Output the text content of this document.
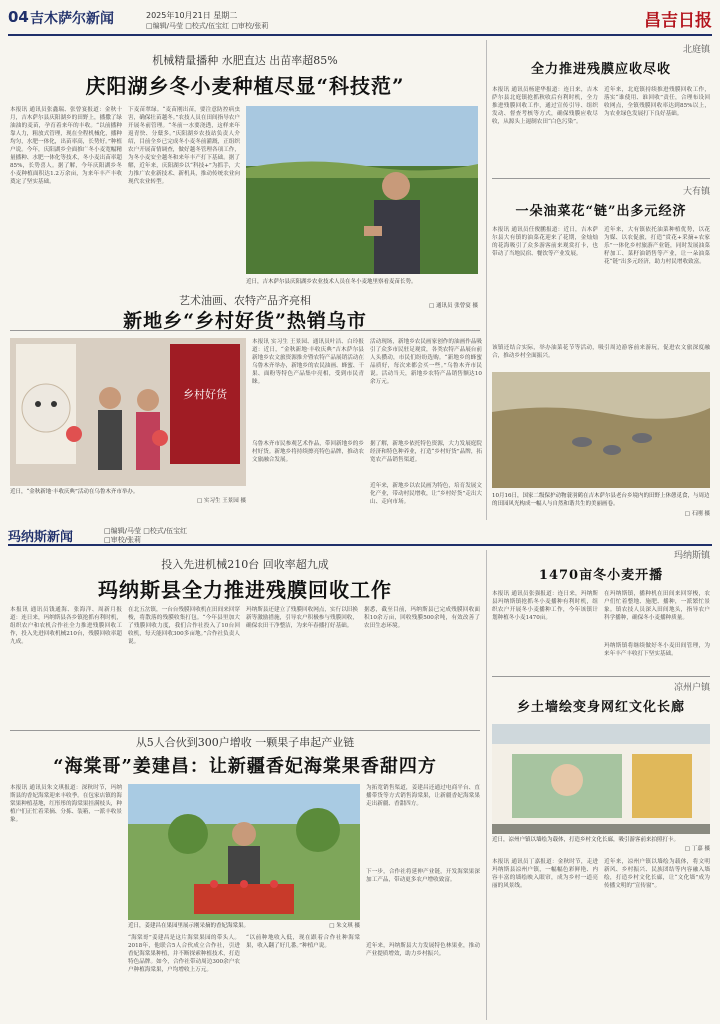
04 吉木萨尔新闻	2025年10月21日 星期二
□编辑/马莹 □校式/伍宝红 □审校/张莉	昌吉日报
机械精量播种 水肥直达 出苗率超85%
庆阳湖乡冬小麦种植尽显“科技范”
本报讯 通讯员张鑫瑞、张曾宴报道：金秋十月，吉木萨尔县庆阳湖乡的田野上，播撒了绿油油的麦苗，孕育着来年的丰收。“以前播种靠人力，粗放式管理，现在全程机械化，播种均匀，水肥一体化，出苗率高，长势好。”种植户说。今年，庆阳湖乡全面推广冬小麦宽幅精量播种、水肥一体化等技术，冬小麦出苗率超85%，长势喜人。据了解，今年庆阳湖乡冬小麦种植面积达1.2万余亩，为来年丰产丰收奠定了坚实基础。
下麦苗翠绿。“麦苗刚出苗，要注意防控病虫害，确保壮苗越冬。”农技人员在田间指导农户开展冬前管理。“冬前一水要浇透，这样来年返青快、分蘖多。”庆阳湖乡农技站负责人介绍，目前全乡已完成冬小麦冬前灌溉，正组织农户开展苗情调查，做好越冬管理各项工作，为冬小麦安全越冬和来年丰产打下基础。据了解，近年来，庆阳湖乡以“科技+”为抓手，大力推广农业新技术、新机具，推动传统农业向现代农业转型。
近日，吉木萨尔县庆阳湖乡农业技术人员在冬小麦地里察看麦苗长势。
□ 通讯员 张曾宴 摄
北庭镇
全力推进残膜应收尽收
本报讯 通讯员杨建华报道：连日来，吉木萨尔县北庭镇抢抓秋收后有利时机，全力推进残膜回收工作，通过宣传引导、组织发动、督查考核等方式，确保残膜应收尽收，从源头上遏制农田“白色污染”。
近年来，北庭镇持续推进残膜回收工作，落实“谁使用、谁回收”责任，合理布设回收网点，全镇残膜回收率达到85%以上，为农业绿色发展打下良好基础。
大有镇
一朵油菜花“链”出多元经济
本报讯 通讯员任俊鹏报道：近日，吉木萨尔县大有镇的油菜花迎来了花期，金灿灿的花海吸引了众多游客前来观赏打卡，也带动了当地民宿、餐饮等产业发展。
近年来，大有镇依托油菜种植优势，以花为媒、以农促旅，打造“赏花+采摘+农家乐”一体化乡村旅游产业链，同时发展油菜籽加工、菜籽油销售等产业，让一朵油菜花“链”出多元经济，助力村民增收致富。
艺术油画、农特产品齐亮相
新地乡“乡村好货”热销乌市
乡村好货
近日，“金秋新地·丰收庆典”活动在乌鲁木齐市举办。
□ 实习生 王景园 摄
本报讯 实习生 王景园、通讯员叶洁、白玲报道：近日，“金秋新地·丰收庆典”吉木萨尔县新地乡农文旅资源推介暨农特产品展销活动在乌鲁木齐举办，新地乡的农民油画、蜂蜜、干果、面粉等特色产品集中亮相，受到市民青睐。
活动现场，新地乡农民画家创作的油画作品吸引了众多市民驻足观赏，各类农特产品展台前人头攒动，市民们纷纷选购。“新地乡的蜂蜜品质好，每次来都会买一些。”乌鲁木齐市民说。活动当天，新地乡农特产品销售额达10余万元。
乌鲁木齐市民参观艺术作品，带回新地乡的乡村好货。新地乡将持续擦亮特色品牌，推动农文旅融合发展。
据了解，新地乡依托特色资源，大力发展庭院经济和特色种养业，打造“乡村好货”品牌，拓宽农产品销售渠道。
近年来，新地乡以农民画为特色，培育发展文化产业，带动村民增收，让“乡村好货”走出大山、走向市场。
该镇还结合实际，举办油菜花节等活动，吸引周边游客前来游玩，促进农文旅深度融合，推动乡村全面振兴。
10月16日，国家二级保护动物蓑羽鹤在吉木萨尔县老台乡境内的田野上休憩觅食，与周边的田园风光构成一幅人与自然和谐共生的美丽画卷。
□ 石刚 摄
玛纳斯新闻	□编辑/马莹 □校式/伍宝红
□审校/张莉
投入先进机械210台 回收率超九成
玛纳斯县全力推进残膜回收工作
本报讯 通讯员钱通海、张海洋、周新月报道：连日来，玛纳斯县各乡镇抢抓有利时机，组织农户和农机合作社全力推进残膜回收工作，投入先进回收机械210台，残膜回收率超九成。
在北五岔镇，一台台残膜回收机在田间来回穿梭，将散落的残膜收集打包。“今年县里加大了残膜回收力度，我们合作社投入了10台回收机，每天能回收300多亩地。”合作社负责人说。
玛纳斯县还建立了残膜回收网点，实行以旧换新等激励措施，引导农户积极参与残膜回收，确保农田干净整洁，为来年春播打好基础。
据悉，截至目前，玛纳斯县已完成残膜回收面积10余万亩，回收残膜500余吨，有效改善了农田生态环境。
玛纳斯镇
1470亩冬小麦开播
本报讯 通讯员张强报道：连日来，玛纳斯县玛纳斯镇抢抓冬小麦播种有利时机，组织农户开展冬小麦播种工作，今年该镇计划种植冬小麦1470亩。
在玛纳斯镇，播种机在田间来回穿梭，农户们忙着整地、施肥、播种，一派繁忙景象。镇农技人员深入田间地头，指导农户科学播种，确保冬小麦播种质量。
玛纳斯镇将继续做好冬小麦田间管理，为来年丰产丰收打下坚实基础。
凉州户镇
乡土墙绘变身网红文化长廊
近日，凉州户镇以墙绘为载体，打造乡村文化长廊，吸引游客前来拍照打卡。
□ 丁嘉 摄
本报讯 通讯员丁嘉报道：金秋时节，走进玛纳斯县凉州户镇，一幅幅色彩鲜艳、内容丰富的墙绘映入眼帘，成为乡村一道亮丽的风景线。
近年来，凉州户镇以墙绘为载体，将文明新风、乡村振兴、民族团结等内容融入墙绘，打造乡村文化长廊，让“文化墙”成为传播文明的“宣传窗”。
从5人合伙到300户增收 一颗果子串起产业链
“海棠哥”姜建昌：让新疆香妃海棠果香甜四方
本报讯 通讯员朱文琪报道：深秋时节，玛纳斯县的香妃海棠迎来丰收季。在包家店镇的海棠果种植基地，红彤彤的海棠果挂满枝头，种植户们正忙着采摘、分拣、装箱，一派丰收景象。
近日，姜建昌在果园里展示刚采摘的香妃海棠果。	□ 朱文琪 摄
“海棠哥”姜建昌是这片海棠果园的带头人。2018年，他联合5人合伙成立合作社，引进香妃海棠果种植，并不断探索种植技术，打造特色品牌。如今，合作社带动周边300余户农户种植海棠果，户均增收上万元。
“以前种地收入低，现在跟着合作社种海棠果，收入翻了好几番。”种植户说。
为拓宽销售渠道，姜建昌还通过电商平台、直播带货等方式销售海棠果，让新疆香妃海棠果走出新疆、香甜四方。
下一步，合作社将延伸产业链，开发海棠果深加工产品，带动更多农户增收致富。
近年来，玛纳斯县大力发展特色林果业，推动产业提质增效，助力乡村振兴。
